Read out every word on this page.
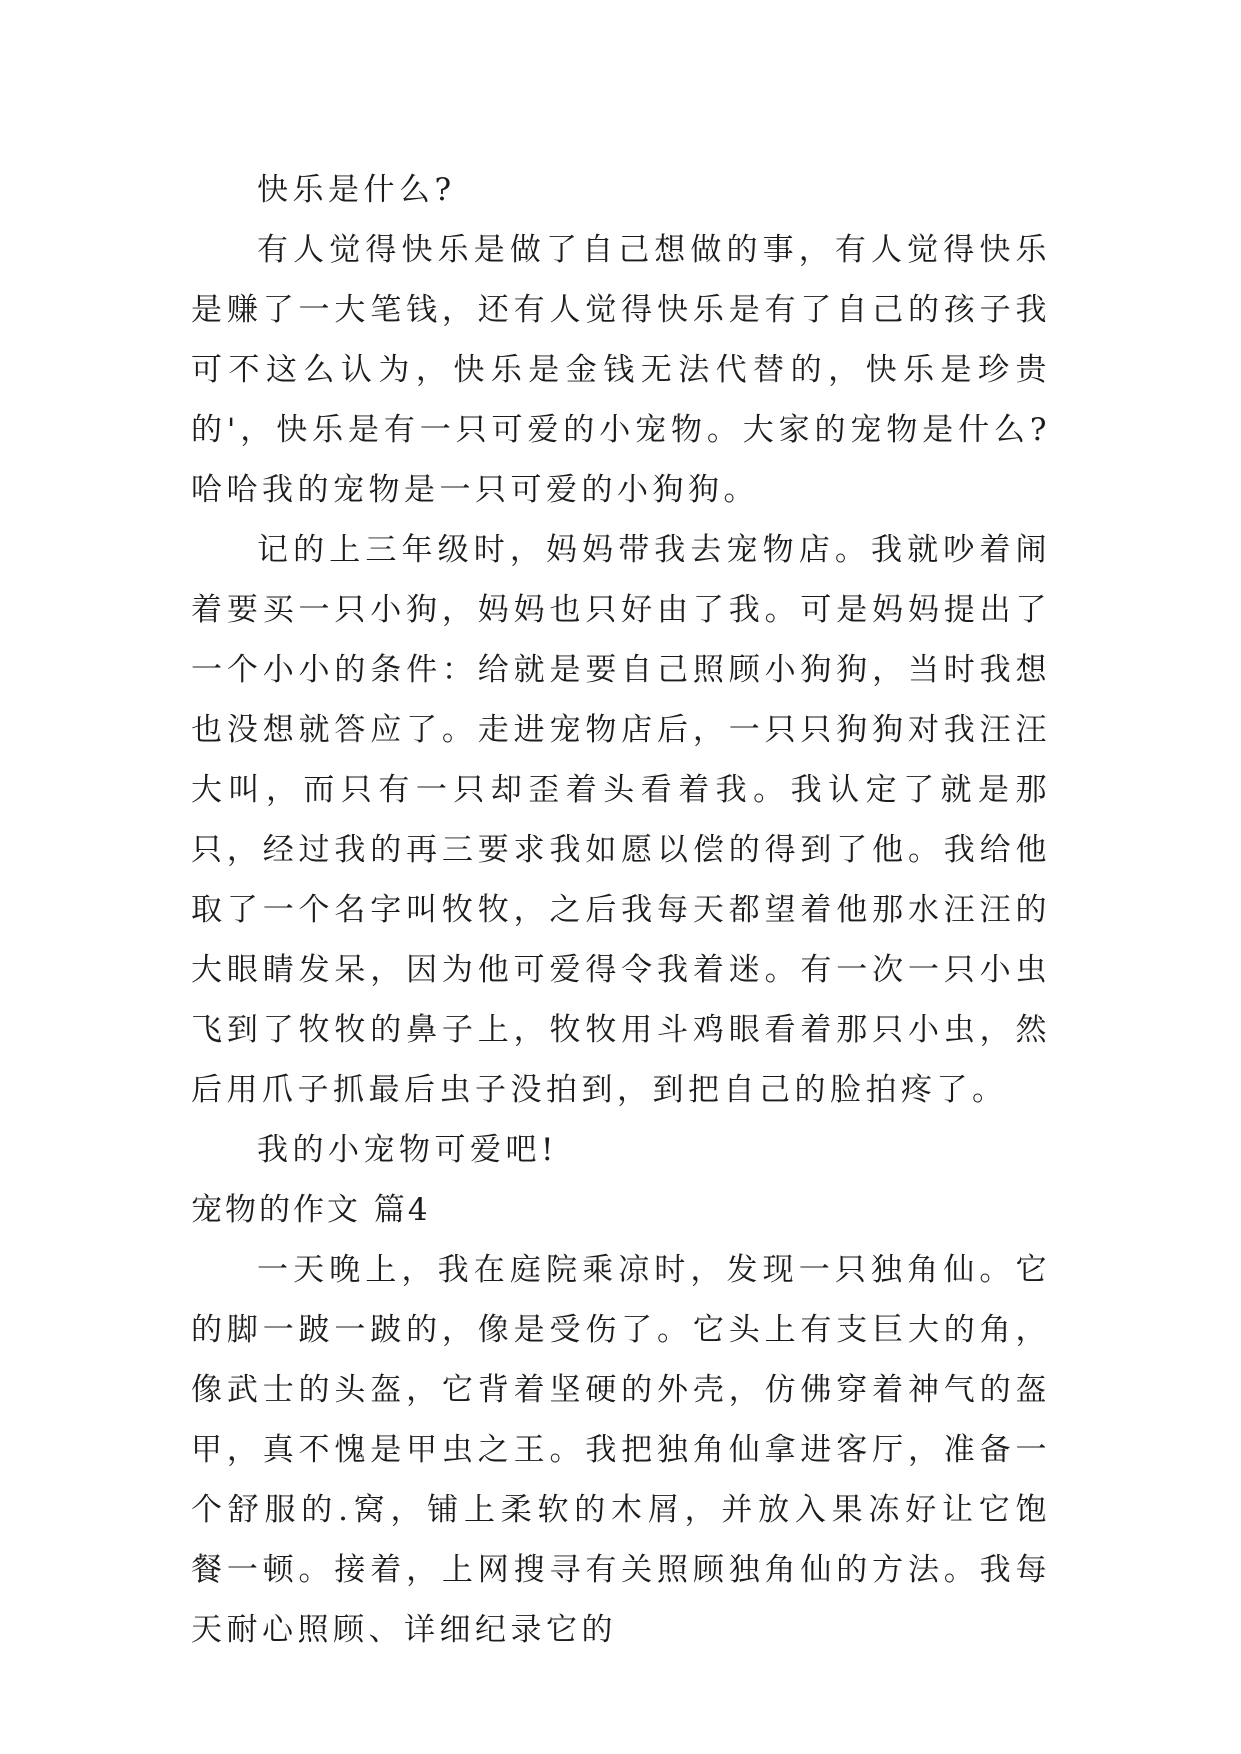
快乐是什么?

有人觉得快乐是做了自己想做的事，有人觉得快乐是赚了一大笔钱，还有人觉得快乐是有了自己的孩子我可不这么认为，快乐是金钱无法代替的，快乐是珍贵的'，快乐是有一只可爱的小宠物。大家的宠物是什么?哈哈我的宠物是一只可爱的小狗狗。

记的上三年级时，妈妈带我去宠物店。我就吵着闹着要买一只小狗，妈妈也只好由了我。可是妈妈提出了一个小小的条件：给就是要自己照顾小狗狗，当时我想也没想就答应了。走进宠物店后，一只只狗狗对我汪汪大叫，而只有一只却歪着头看着我。我认定了就是那只，经过我的再三要求我如愿以偿的得到了他。我给他取了一个名字叫牧牧，之后我每天都望着他那水汪汪的大眼睛发呆，因为他可爱得令我着迷。有一次一只小虫飞到了牧牧的鼻子上，牧牧用斗鸡眼看着那只小虫，然后用爪子抓最后虫子没拍到，到把自己的脸拍疼了。

我的小宠物可爱吧!

宠物的作文 篇4

一天晚上，我在庭院乘凉时，发现一只独角仙。它的脚一跛一跛的，像是受伤了。它头上有支巨大的角，像武士的头盔，它背着坚硬的外壳，仿佛穿着神气的盔甲，真不愧是甲虫之王。我把独角仙拿进客厅，准备一个舒服的.窝，铺上柔软的木屑，并放入果冻好让它饱餐一顿。接着，上网搜寻有关照顾独角仙的方法。我每天耐心照顾、详细纪录它的
